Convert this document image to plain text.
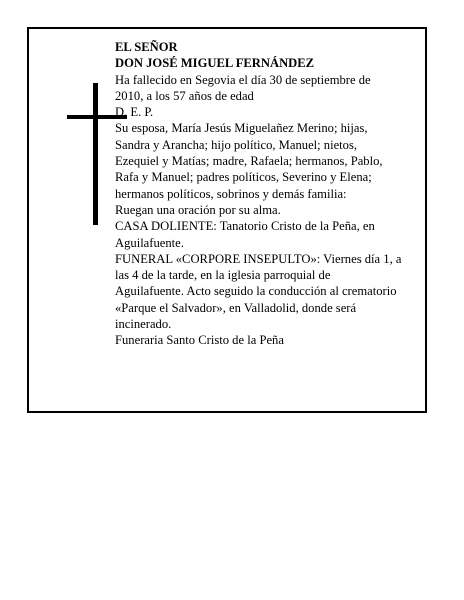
EL SEÑOR
DON JOSÉ MIGUEL FERNÁNDEZ
Ha fallecido en Segovia el día 30 de septiembre de
2010, a los 57 años de edad
D. E. P.
Su esposa, María Jesús Miguelañez Merino; hijas,
Sandra y Arancha; hijo político, Manuel; nietos,
Ezequiel y Matías; madre, Rafaela; hermanos, Pablo,
Rafa y Manuel; padres políticos, Severino y Elena;
hermanos políticos, sobrinos y demás familia:
Ruegan una oración por su alma.
CASA DOLIENTE: Tanatorio Cristo de la Peña, en
Aguilafuente.
FUNERAL «CORPORE INSEPULTO»: Viernes día 1, a
las 4 de la tarde, en la iglesia parroquial de
Aguilafuente. Acto seguido la conducción al crematorio
«Parque el Salvador», en Valladolid, donde será
incinerado.
Funeraria Santo Cristo de la Peña
